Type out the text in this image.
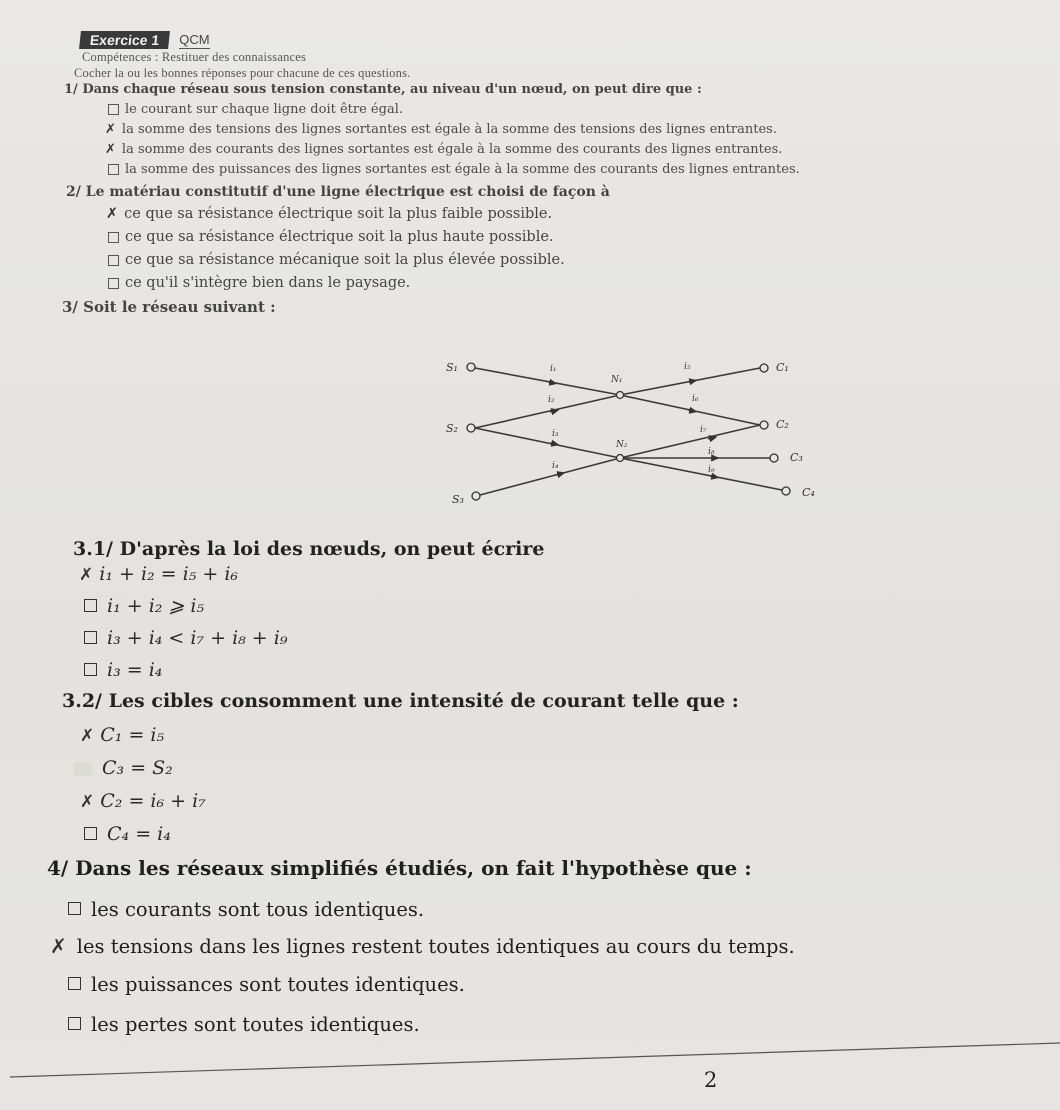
Exercice 1	QCM
Compétences : Restituer des connaissances
Cocher la ou les bonnes réponses pour chacune de ces questions.
1/ Dans chaque réseau sous tension constante, au niveau d'un nœud, on peut dire que :
le courant sur chaque ligne doit être égal.
✗ la somme des tensions des lignes sortantes est égale à la somme des tensions des lignes entrantes.
✗ la somme des courants des lignes sortantes est égale à la somme des courants des lignes entrantes.
la somme des puissances des lignes sortantes est égale à la somme des courants des lignes entrantes.
2/ Le matériau constitutif d'une ligne électrique est choisi de façon à
✗ ce que sa résistance électrique soit la plus faible possible.
ce que sa résistance électrique soit la plus haute possible.
ce que sa résistance mécanique soit la plus élevée possible.
ce qu'il s'intègre bien dans le paysage.
3/ Soit le réseau suivant :
S₁
S₂
S₃
N₁
N₂
C₁
C₂
C₃
C₄
i₁
i₂
i₃
i₄
i₅
i₆
i₇
i₈
i₉
3.1/ D'après la loi des nœuds, on peut écrire
✗ i₁ + i₂ = i₅ + i₆
i₁ + i₂ ⩾ i₅
i₃ + i₄ < i₇ + i₈ + i₉
i₃ = i₄
3.2/ Les cibles consomment une intensité de courant telle que :
✗ C₁ = i₅
C₃ = S₂
✗ C₂ = i₆ + i₇
C₄ = i₄
4/ Dans les réseaux simplifiés étudiés, on fait l'hypothèse que :
les courants sont tous identiques.
✗ les tensions dans les lignes restent toutes identiques au cours du temps.
les puissances sont toutes identiques.
les pertes sont toutes identiques.
2
